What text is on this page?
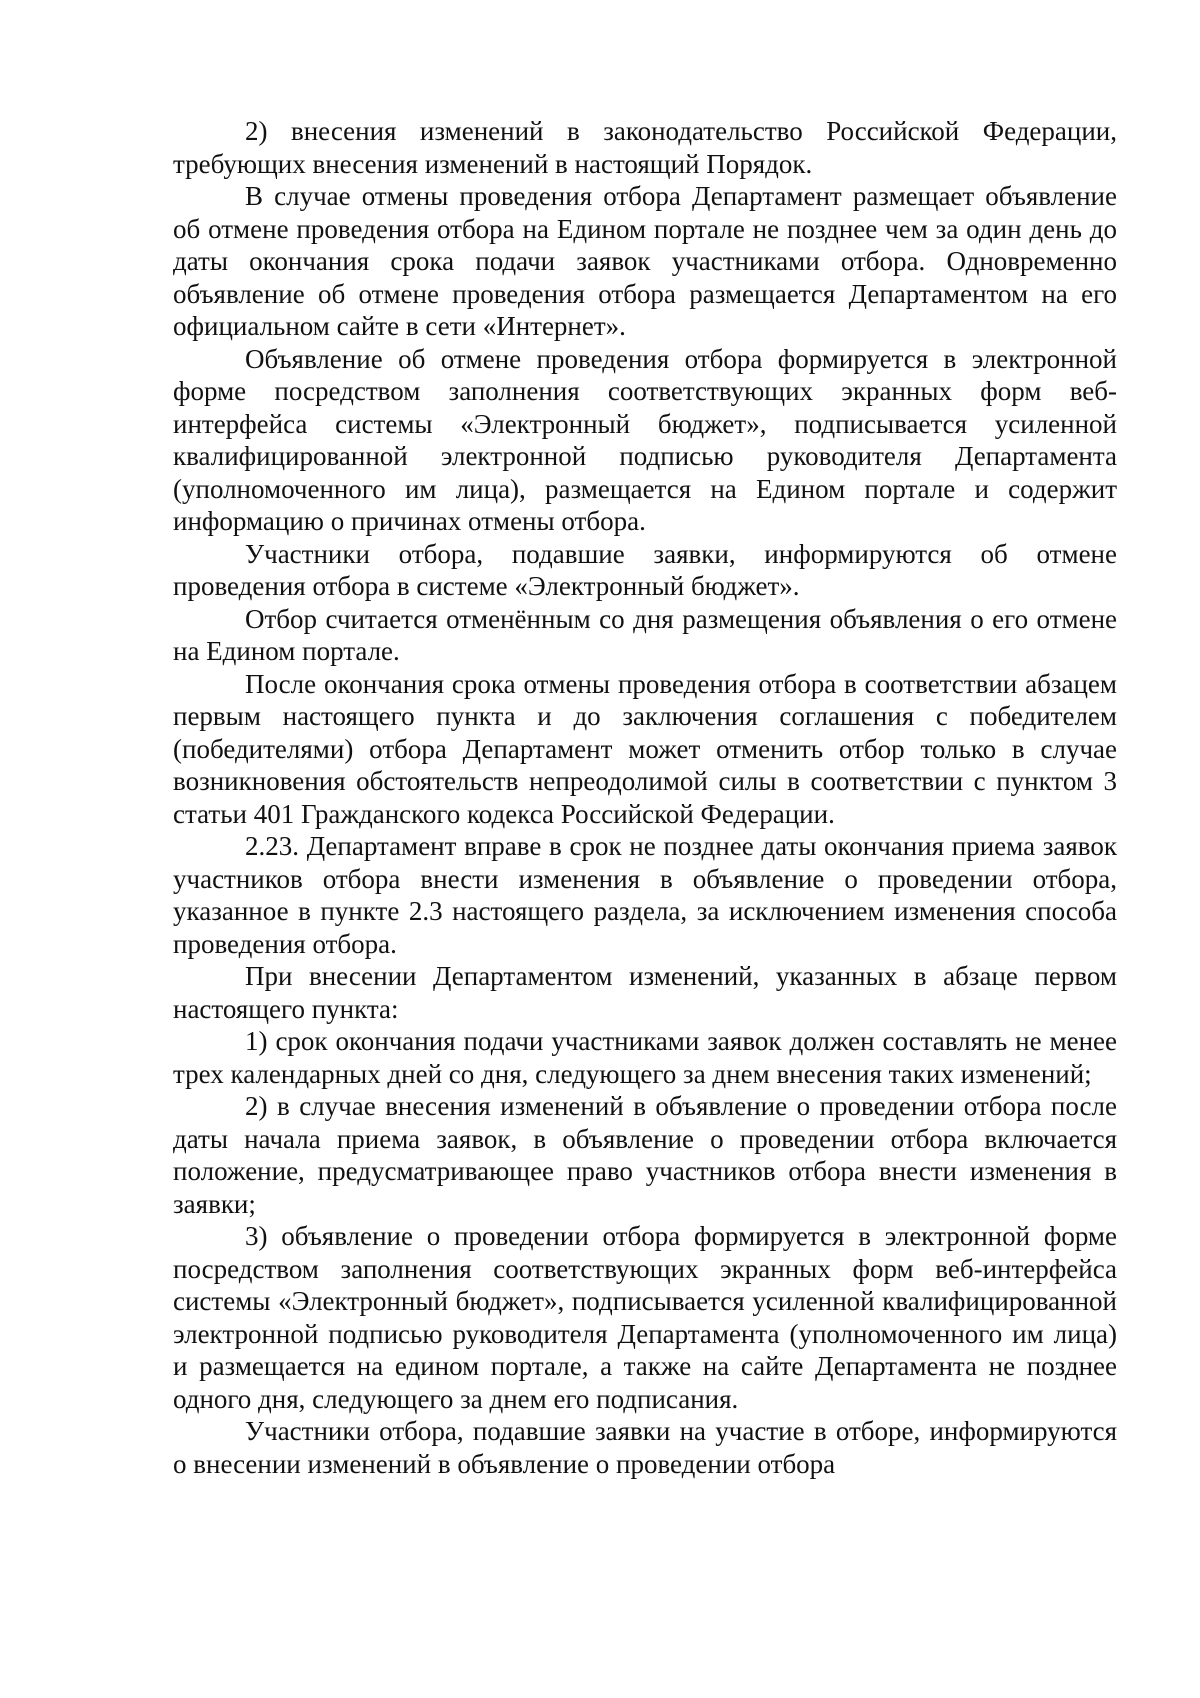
2) внесения изменений в законодательство Российской Федерации, требующих внесения изменений в настоящий Порядок.

В случае отмены проведения отбора Департамент размещает объявление об отмене проведения отбора на Едином портале не позднее чем за один день до даты окончания срока подачи заявок участниками отбора. Одновременно объявление об отмене проведения отбора размещается Департаментом на его официальном сайте в сети «Интернет».

Объявление об отмене проведения отбора формируется в электронной форме посредством заполнения соответствующих экранных форм веб-интерфейса системы «Электронный бюджет», подписывается усиленной квалифицированной электронной подписью руководителя Департамента (уполномоченного им лица), размещается на Едином портале и содержит информацию о причинах отмены отбора.

Участники отбора, подавшие заявки, информируются об отмене проведения отбора в системе «Электронный бюджет».

Отбор считается отменённым со дня размещения объявления о его отмене на Едином портале.

После окончания срока отмены проведения отбора в соответствии абзацем первым настоящего пункта и до заключения соглашения с победителем (победителями) отбора Департамент может отменить отбор только в случае возникновения обстоятельств непреодолимой силы в соответствии с пунктом 3 статьи 401 Гражданского кодекса Российской Федерации.

2.23. Департамент вправе в срок не позднее даты окончания приема заявок участников отбора внести изменения в объявление о проведении отбора, указанное в пункте 2.3 настоящего раздела, за исключением изменения способа проведения отбора.

При внесении Департаментом изменений, указанных в абзаце первом настоящего пункта:

1) срок окончания подачи участниками заявок должен составлять не менее трех календарных дней со дня, следующего за днем внесения таких изменений;

2) в случае внесения изменений в объявление о проведении отбора после даты начала приема заявок, в объявление о проведении отбора включается положение, предусматривающее право участников отбора внести изменения в заявки;

3) объявление о проведении отбора формируется в электронной форме посредством заполнения соответствующих экранных форм веб-интерфейса системы «Электронный бюджет», подписывается усиленной квалифицированной электронной подписью руководителя Департамента (уполномоченного им лица) и размещается на едином портале, а также на сайте Департамента не позднее одного дня, следующего за днем его подписания.

Участники отбора, подавшие заявки на участие в отборе, информируются о внесении изменений в объявление о проведении отбора
